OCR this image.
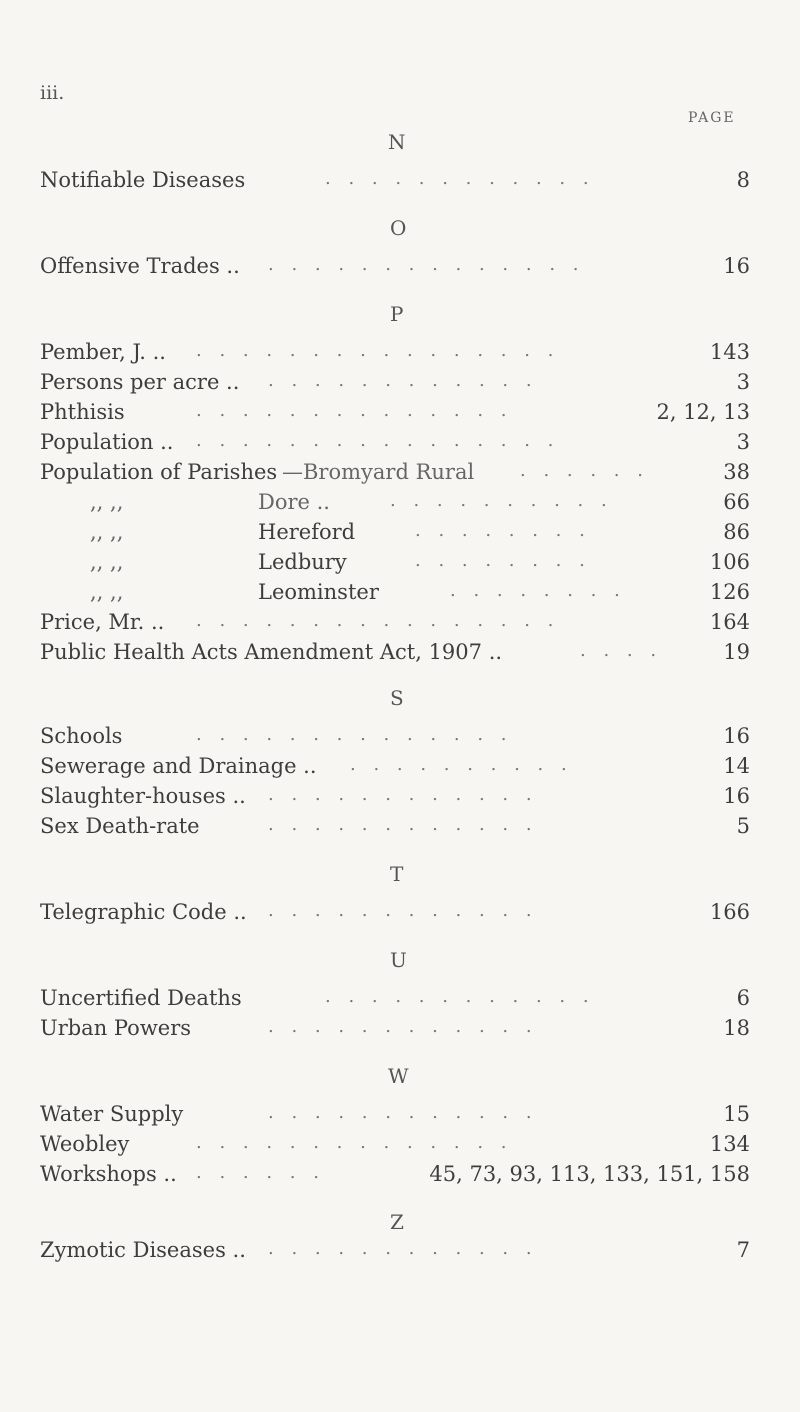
iii.
PAGE
N
Notifiable Diseases	. . . . . . . . . . . .	8
O
Offensive Trades .. . . . . . . . . . . . . . .	16
P
Pember, J. .. . . . . . . . . . . . . . . . .	143
Persons per acre .. . . . . . . . . . . . .	3
Phthisis	. . . . . . . . . . . . . .	2, 12, 13
Population .. . . . . . . . . . . . . . . . .	3
Population of Parishes —Bromyard Rural	. . . . . .	38
,, ,,	Dore ..	. . . . . . . . . .	66
,, ,,	Hereford	. . . . . . . .	86
,, ,,	Ledbury	. . . . . . . .	106
,, ,,	Leominster	. . . . . . . .	126
Price, Mr. .. . . . . . . . . . . . . . . . .	164
Public Health Acts Amendment Act, 1907 ..	. . . .	19
S
Schools	. . . . . . . . . . . . . .	16
Sewerage and Drainage .. . . . . . . . . . .	14
Slaughter-houses .. . . . . . . . . . . . .	16
Sex Death-rate	. . . . . . . . . . . .	5
T
Telegraphic Code .. . . . . . . . . . . . .	166
U
Uncertified Deaths	. . . . . . . . . . . .	6
Urban Powers	. . . . . . . . . . . .	18
W
Water Supply	. . . . . . . . . . . .	15
Weobley	. . . . . . . . . . . . . .	134
Workshops .. . . . . . .	45, 73, 93, 113, 133, 151, 158
Z
Zymotic Diseases .. . . . . . . . . . . . .	7
